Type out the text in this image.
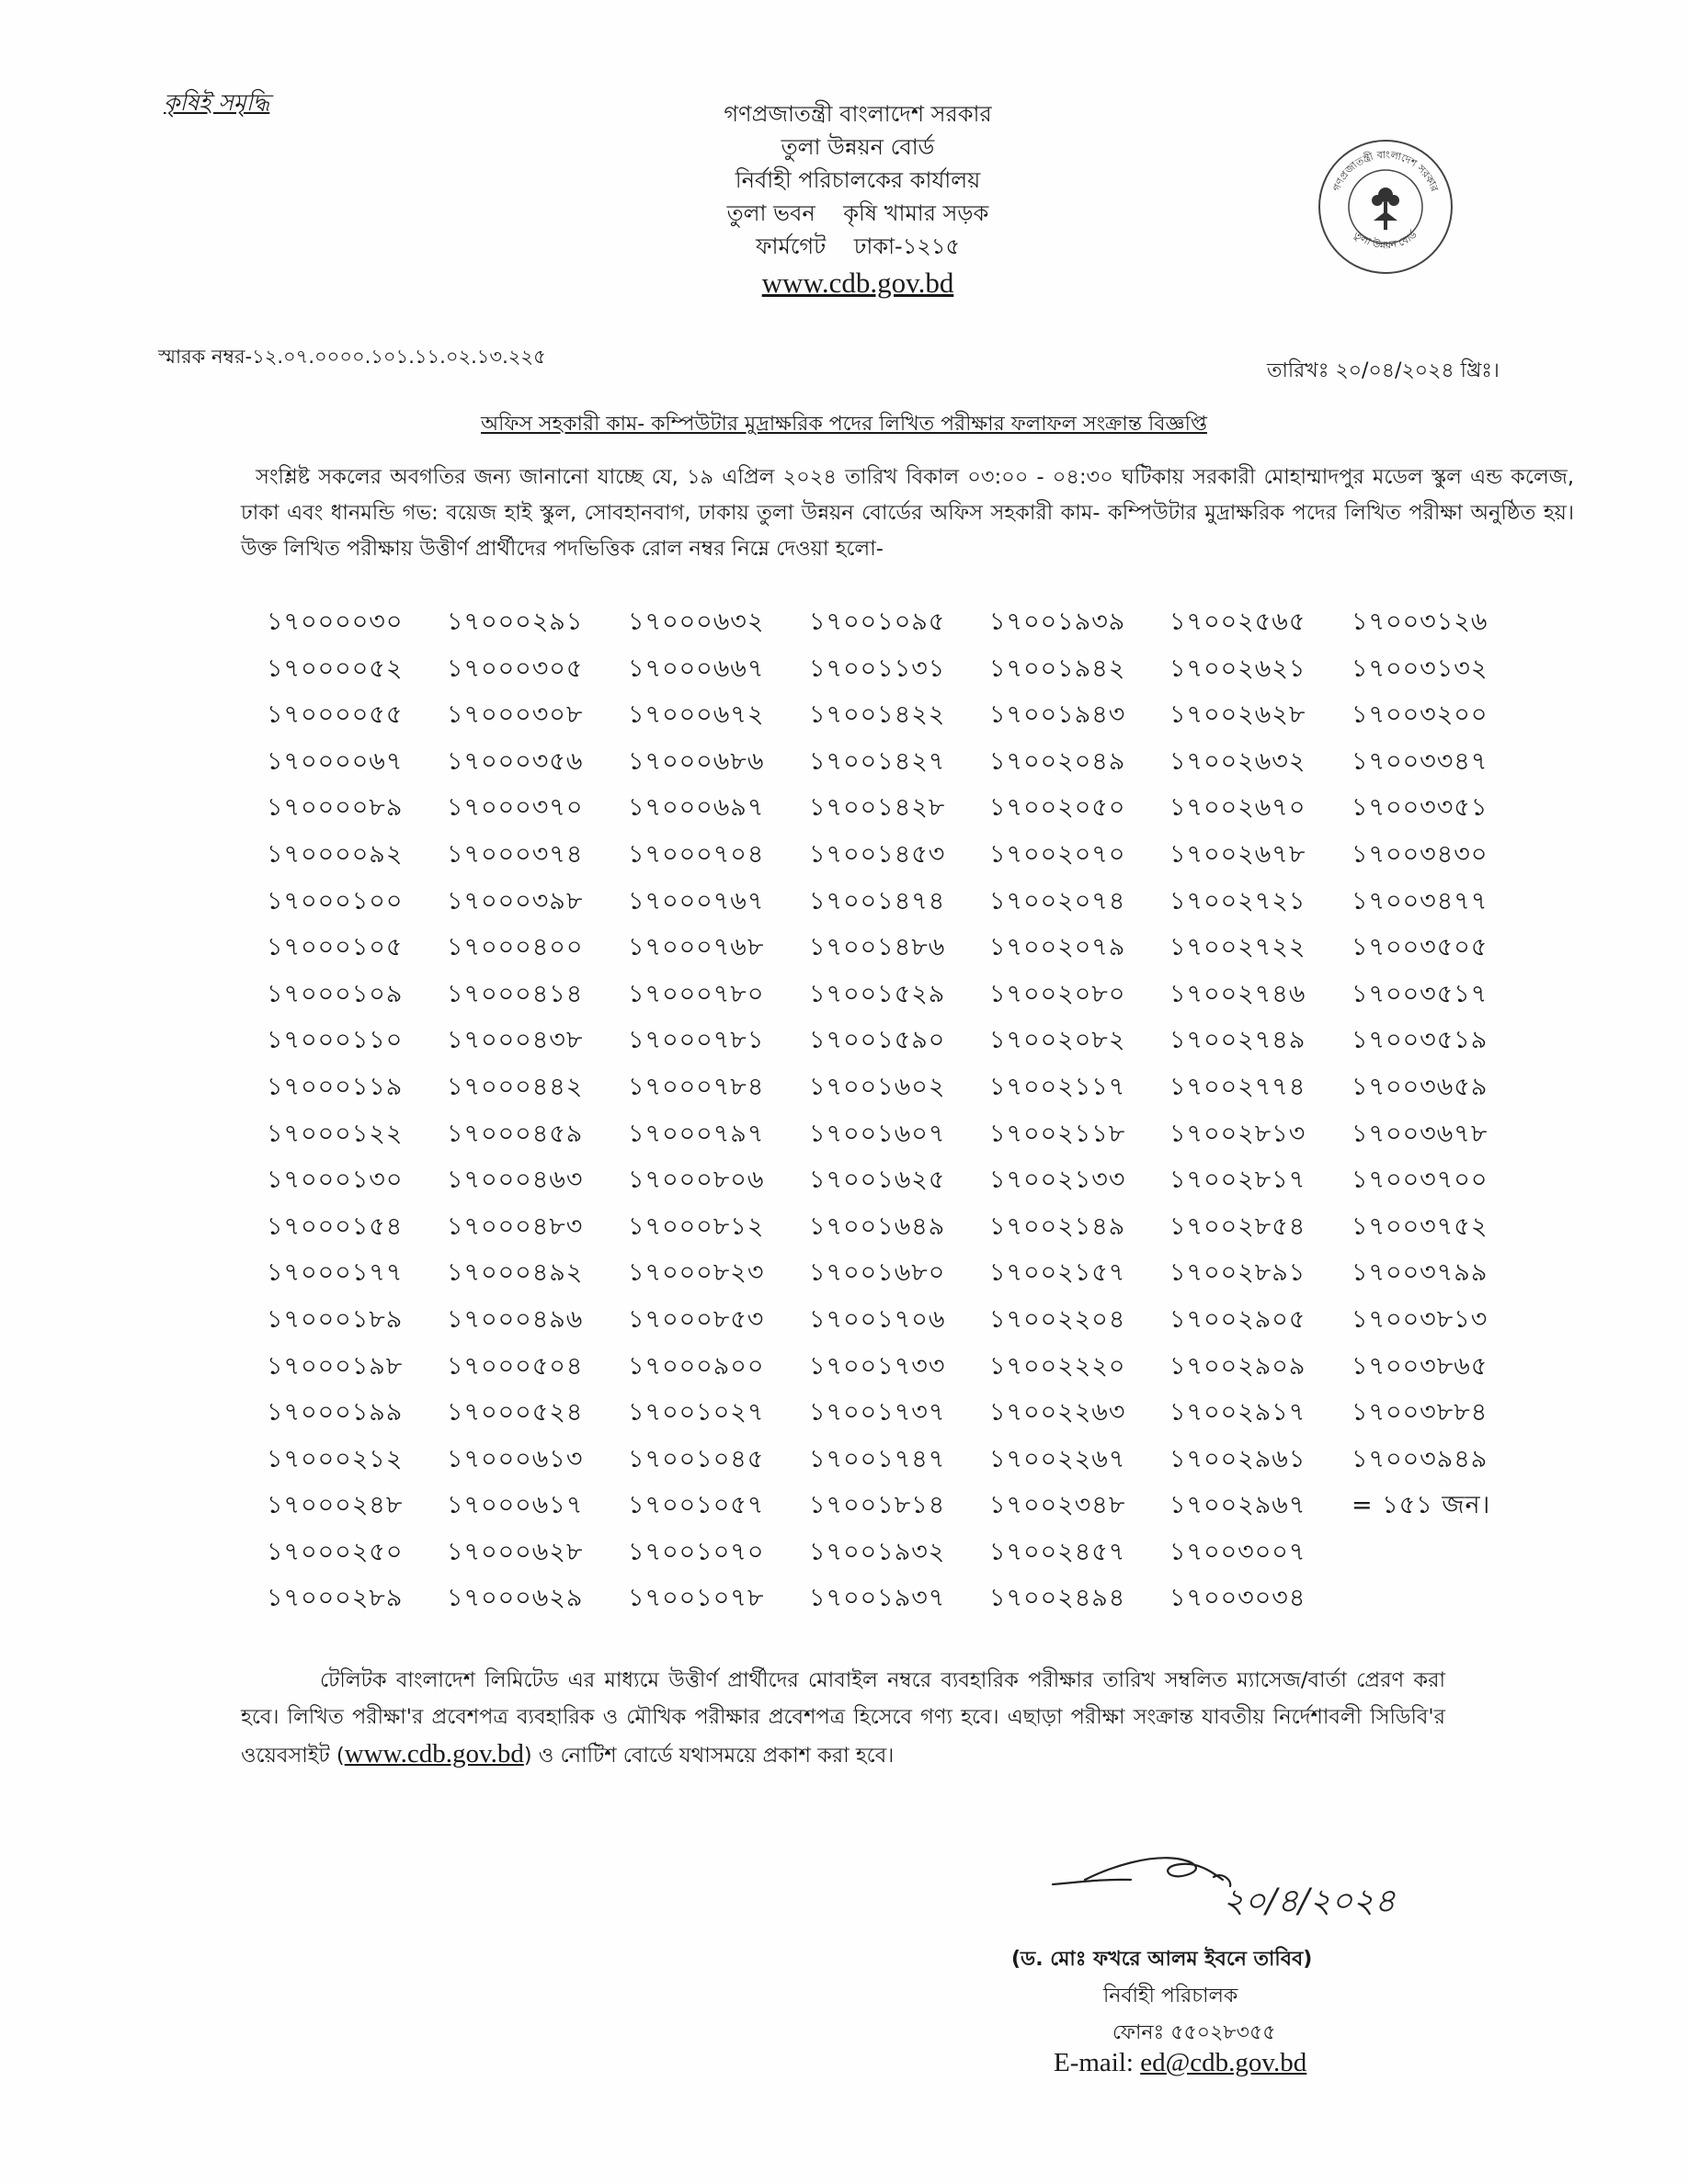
কৃষিই সমৃদ্ধি	গণপ্রজাতন্ত্রী বাংলাদেশ সরকার
তুলা উন্নয়ন বোর্ড
নির্বাহী পরিচালকের কার্যালয়
তুলা ভবন    কৃষি খামার সড়ক
ফার্মগেট    ঢাকা-১২১৫
www.cdb.gov.bd
গণপ্রজাতন্ত্রী বাংলাদেশ সরকার
তুলা উন্নয়ন বোর্ড
স্মারক নম্বর-১২.০৭.০০০০.১০১.১১.০২.১৩.২২৫
তারিখঃ ২০/০৪/২০২৪ খ্রিঃ।
অফিস সহকারী কাম- কম্পিউটার মুদ্রাক্ষরিক পদের লিখিত পরীক্ষার ফলাফল সংক্রান্ত বিজ্ঞপ্তি
সংশ্লিষ্ট সকলের অবগতির জন্য জানানো যাচ্ছে যে, ১৯ এপ্রিল ২০২৪ তারিখ বিকাল ০৩:০০ - ০৪:৩০ ঘটিকায় সরকারী মোহাম্মাদপুর মডেল স্কুল এন্ড কলেজ, ঢাকা এবং ধানমন্ডি গভ: বয়েজ হাই স্কুল, সোবহানবাগ, ঢাকায় তুলা উন্নয়ন বোর্ডের অফিস সহকারী কাম- কম্পিউটার মুদ্রাক্ষরিক পদের লিখিত পরীক্ষা অনুষ্ঠিত হয়। উক্ত লিখিত পরীক্ষায় উত্তীর্ণ প্রার্থীদের পদভিত্তিক রোল নম্বর নিম্নে দেওয়া হলো-
১৭০০০০৩০
১৭০০০০৫২
১৭০০০০৫৫
১৭০০০০৬৭
১৭০০০০৮৯
১৭০০০০৯২
১৭০০০১০০
১৭০০০১০৫
১৭০০০১০৯
১৭০০০১১০
১৭০০০১১৯
১৭০০০১২২
১৭০০০১৩০
১৭০০০১৫৪
১৭০০০১৭৭
১৭০০০১৮৯
১৭০০০১৯৮
১৭০০০১৯৯
১৭০০০২১২
১৭০০০২৪৮
১৭০০০২৫০
১৭০০০২৮৯
১৭০০০২৯১
১৭০০০৩০৫
১৭০০০৩০৮
১৭০০০৩৫৬
১৭০০০৩৭০
১৭০০০৩৭৪
১৭০০০৩৯৮
১৭০০০৪০০
১৭০০০৪১৪
১৭০০০৪৩৮
১৭০০০৪৪২
১৭০০০৪৫৯
১৭০০০৪৬৩
১৭০০০৪৮৩
১৭০০০৪৯২
১৭০০০৪৯৬
১৭০০০৫০৪
১৭০০০৫২৪
১৭০০০৬১৩
১৭০০০৬১৭
১৭০০০৬২৮
১৭০০০৬২৯
১৭০০০৬৩২
১৭০০০৬৬৭
১৭০০০৬৭২
১৭০০০৬৮৬
১৭০০০৬৯৭
১৭০০০৭০৪
১৭০০০৭৬৭
১৭০০০৭৬৮
১৭০০০৭৮০
১৭০০০৭৮১
১৭০০০৭৮৪
১৭০০০৭৯৭
১৭০০০৮০৬
১৭০০০৮১২
১৭০০০৮২৩
১৭০০০৮৫৩
১৭০০০৯০০
১৭০০১০২৭
১৭০০১০৪৫
১৭০০১০৫৭
১৭০০১০৭০
১৭০০১০৭৮
১৭০০১০৯৫
১৭০০১১৩১
১৭০০১৪২২
১৭০০১৪২৭
১৭০০১৪২৮
১৭০০১৪৫৩
১৭০০১৪৭৪
১৭০০১৪৮৬
১৭০০১৫২৯
১৭০০১৫৯০
১৭০০১৬০২
১৭০০১৬০৭
১৭০০১৬২৫
১৭০০১৬৪৯
১৭০০১৬৮০
১৭০০১৭০৬
১৭০০১৭৩৩
১৭০০১৭৩৭
১৭০০১৭৪৭
১৭০০১৮১৪
১৭০০১৯৩২
১৭০০১৯৩৭
১৭০০১৯৩৯
১৭০০১৯৪২
১৭০০১৯৪৩
১৭০০২০৪৯
১৭০০২০৫০
১৭০০২০৭০
১৭০০২০৭৪
১৭০০২০৭৯
১৭০০২০৮০
১৭০০২০৮২
১৭০০২১১৭
১৭০০২১১৮
১৭০০২১৩৩
১৭০০২১৪৯
১৭০০২১৫৭
১৭০০২২০৪
১৭০০২২২০
১৭০০২২৬৩
১৭০০২২৬৭
১৭০০২৩৪৮
১৭০০২৪৫৭
১৭০০২৪৯৪
১৭০০২৫৬৫
১৭০০২৬২১
১৭০০২৬২৮
১৭০০২৬৩২
১৭০০২৬৭০
১৭০০২৬৭৮
১৭০০২৭২১
১৭০০২৭২২
১৭০০২৭৪৬
১৭০০২৭৪৯
১৭০০২৭৭৪
১৭০০২৮১৩
১৭০০২৮১৭
১৭০০২৮৫৪
১৭০০২৮৯১
১৭০০২৯০৫
১৭০০২৯০৯
১৭০০২৯১৭
১৭০০২৯৬১
১৭০০২৯৬৭
১৭০০৩০০৭
১৭০০৩০৩৪
১৭০০৩১২৬
১৭০০৩১৩২
১৭০০৩২০০
১৭০০৩৩৪৭
১৭০০৩৩৫১
১৭০০৩৪৩০
১৭০০৩৪৭৭
১৭০০৩৫০৫
১৭০০৩৫১৭
১৭০০৩৫১৯
১৭০০৩৬৫৯
১৭০০৩৬৭৮
১৭০০৩৭০০
১৭০০৩৭৫২
১৭০০৩৭৯৯
১৭০০৩৮১৩
১৭০০৩৮৬৫
১৭০০৩৮৮৪
১৭০০৩৯৪৯
= ১৫১ জন।
টেলিটক বাংলাদেশ লিমিটেড এর মাধ্যমে উত্তীর্ণ প্রার্থীদের মোবাইল নম্বরে ব্যবহারিক পরীক্ষার তারিখ সম্বলিত ম্যাসেজ/বার্তা প্রেরণ করা হবে। লিখিত পরীক্ষা'র প্রবেশপত্র ব্যবহারিক ও মৌখিক পরীক্ষার প্রবেশপত্র হিসেবে গণ্য হবে। এছাড়া পরীক্ষা সংক্রান্ত যাবতীয় নির্দেশাবলী সিডিবি'র ওয়েবসাইট (www.cdb.gov.bd) ও নোটিশ বোর্ডে যথাসময়ে প্রকাশ করা হবে।
২০/৪/২০২৪
(ড. মোঃ ফখরে আলম ইবনে তাবিব)
নির্বাহী পরিচালক
ফোনঃ ৫৫০২৮৩৫৫
E-mail: ed@cdb.gov.bd
